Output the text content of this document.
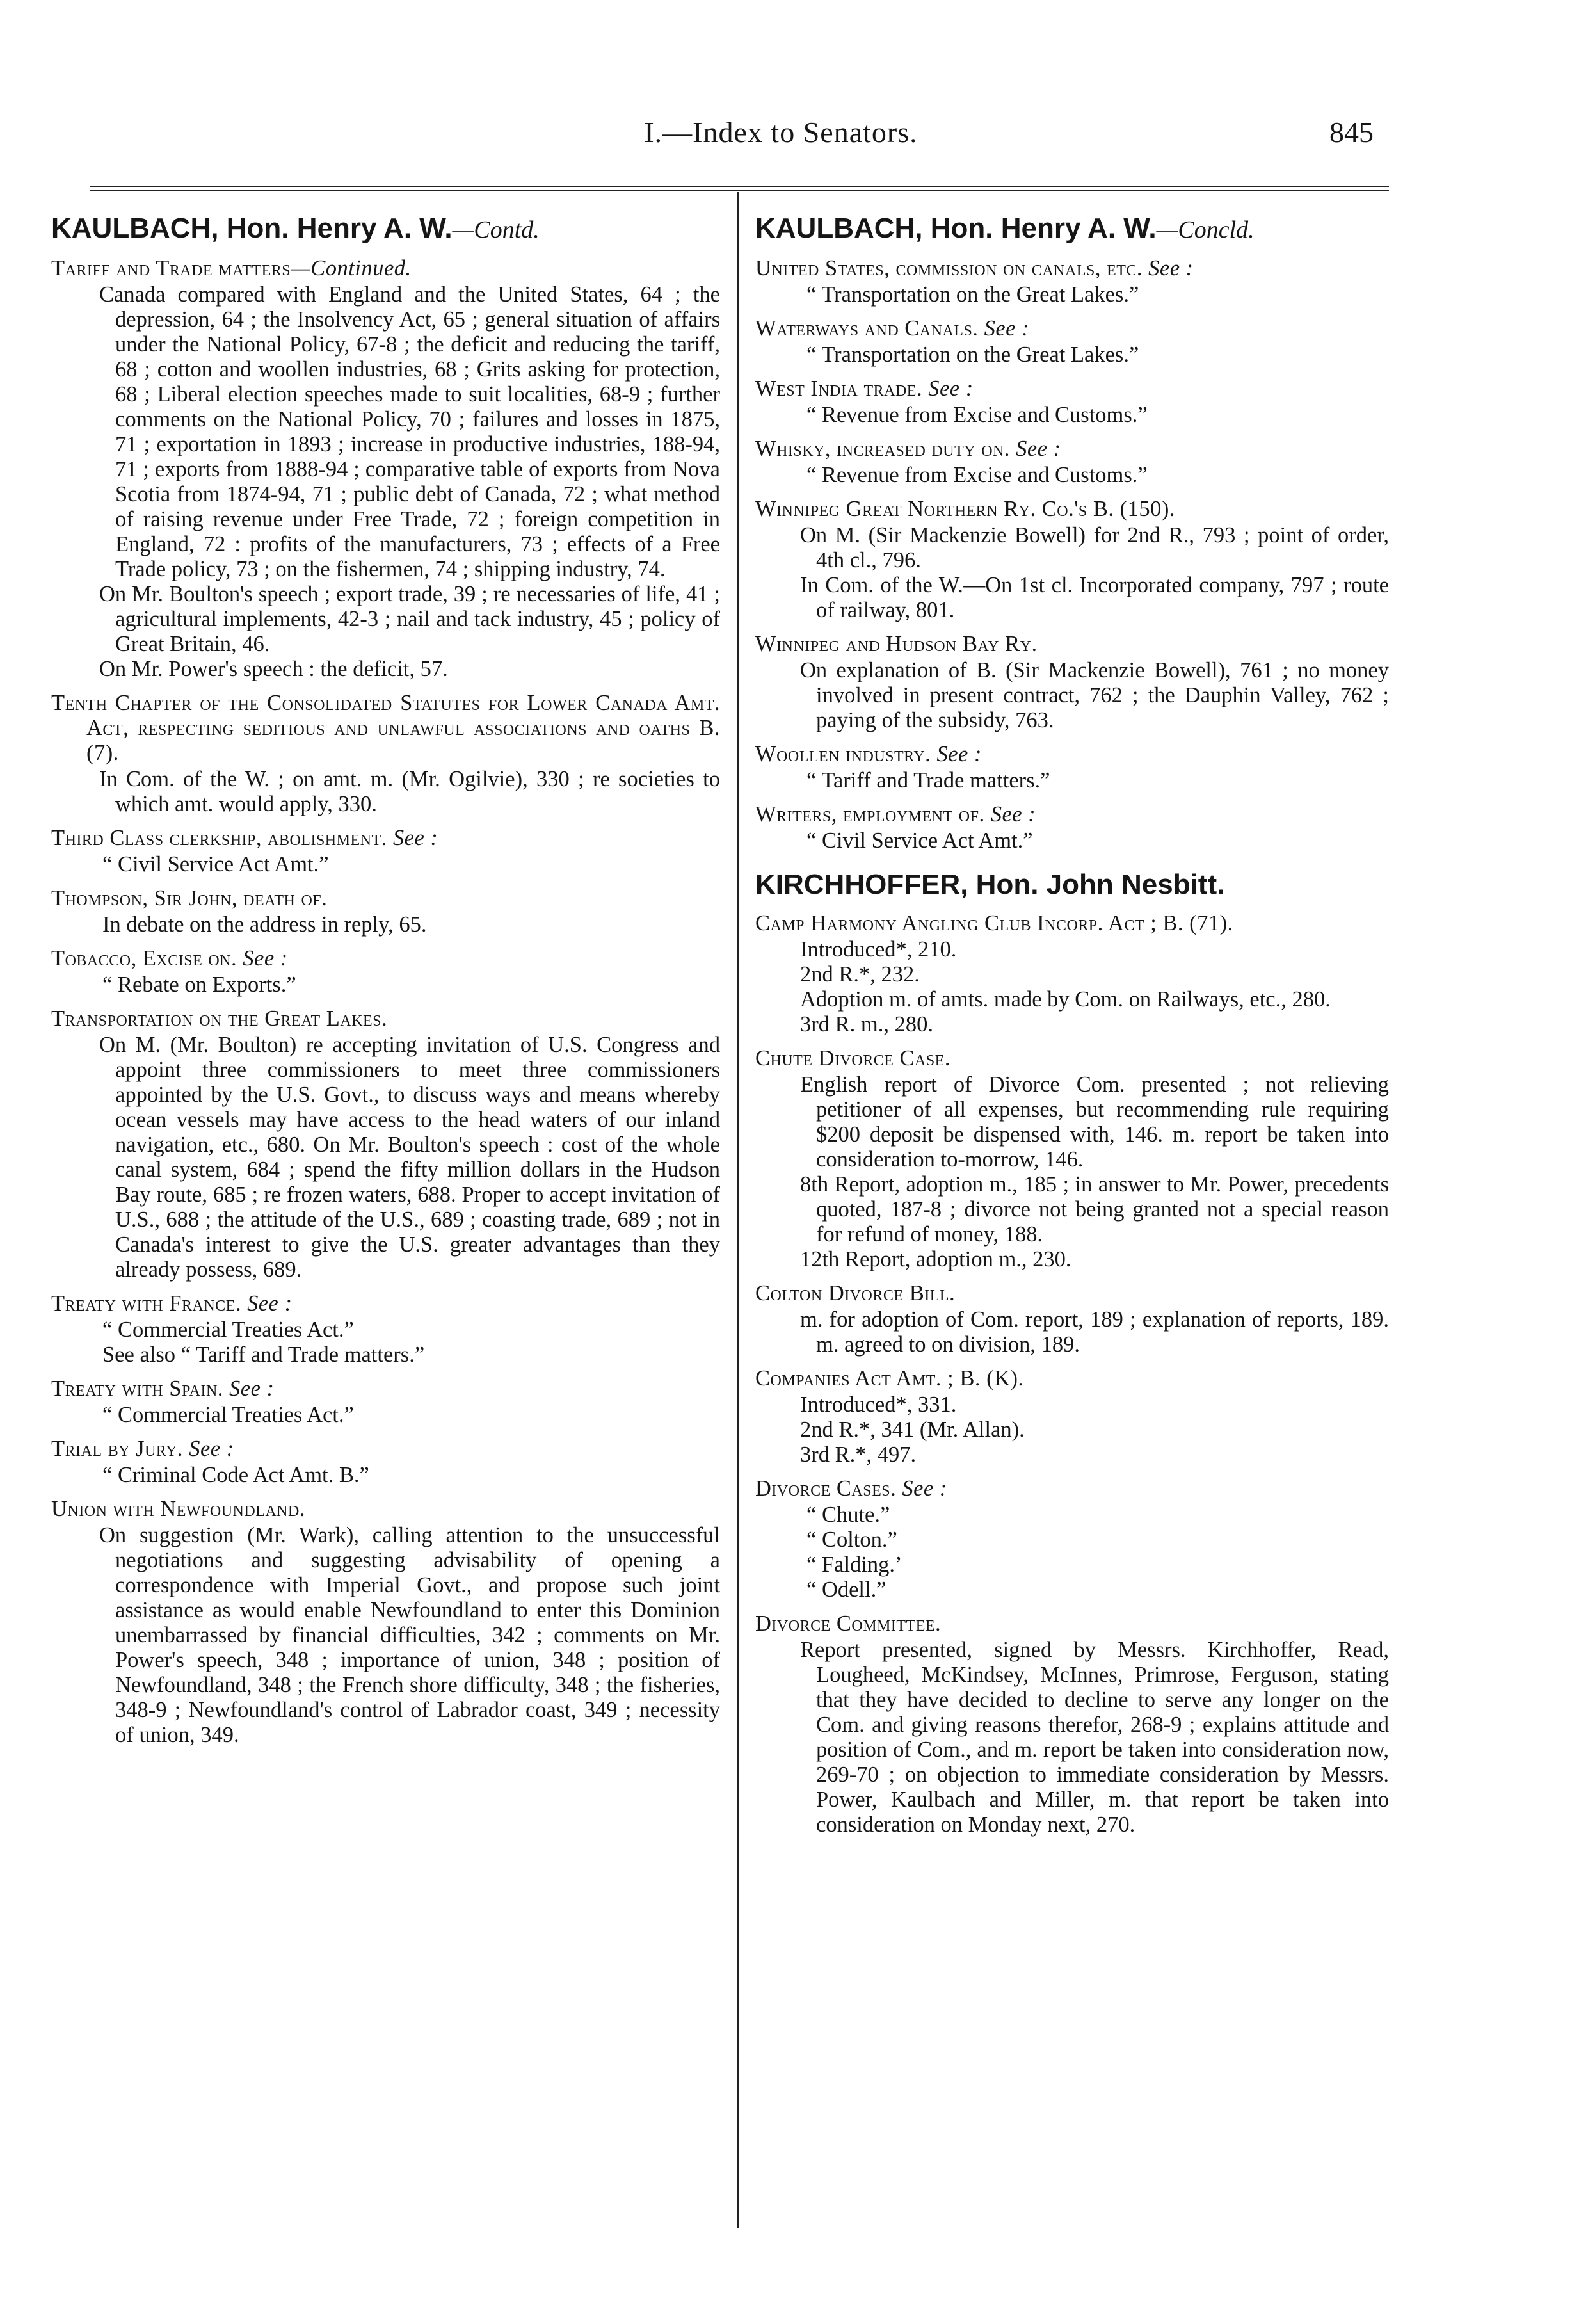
I.—Index to Senators.	845
KAULBACH, Hon. Henry A. W.—Contd.
Tariff and Trade matters—Continued.
Canada compared with England and the United States, 64 ; the depression, 64 ; the Insolvency Act, 65 ; general situation of affairs under the National Policy, 67-8 ; the deficit and reducing the tariff, 68 ; cotton and woollen industries, 68 ; Grits asking for protection, 68 ; Liberal election speeches made to suit localities, 68-9 ; further comments on the National Policy, 70 ; failures and losses in 1875, 71 ; exportation in 1893 ; increase in productive industries, 188-94, 71 ; exports from 1888-94 ; comparative table of exports from Nova Scotia from 1874-94, 71 ; public debt of Canada, 72 ; what method of raising revenue under Free Trade, 72 ; foreign competition in England, 72 : profits of the manufacturers, 73 ; effects of a Free Trade policy, 73 ; on the fishermen, 74 ; shipping industry, 74.
On Mr. Boulton's speech ; export trade, 39 ; re necessaries of life, 41 ; agricultural implements, 42-3 ; nail and tack industry, 45 ; policy of Great Britain, 46.
On Mr. Power's speech : the deficit, 57.
Tenth Chapter of the Consolidated Statutes for Lower Canada Amt. Act, respecting seditious and unlawful associations and oaths B. (7).
In Com. of the W. ; on amt. m. (Mr. Ogilvie), 330 ; re societies to which amt. would apply, 330.
Third Class clerkship, abolishment. See :
“ Civil Service Act Amt.”
Thompson, Sir John, death of.
In debate on the address in reply, 65.
Tobacco, Excise on. See :
“ Rebate on Exports.”
Transportation on the Great Lakes.
On M. (Mr. Boulton) re accepting invitation of U.S. Congress and appoint three commissioners to meet three commissioners appointed by the U.S. Govt., to discuss ways and means whereby ocean vessels may have access to the head waters of our inland navigation, etc., 680. On Mr. Boulton's speech : cost of the whole canal system, 684 ; spend the fifty million dollars in the Hudson Bay route, 685 ; re frozen waters, 688. Proper to accept invitation of U.S., 688 ; the attitude of the U.S., 689 ; coasting trade, 689 ; not in Canada's interest to give the U.S. greater advantages than they already possess, 689.
Treaty with France. See :
“ Commercial Treaties Act.”
See also “ Tariff and Trade matters.”
Treaty with Spain. See :
“ Commercial Treaties Act.”
Trial by Jury. See :
“ Criminal Code Act Amt. B.”
Union with Newfoundland.
On suggestion (Mr. Wark), calling attention to the unsuccessful negotiations and suggesting advisability of opening a correspondence with Imperial Govt., and propose such joint assistance as would enable Newfoundland to enter this Dominion unembarrassed by financial difficulties, 342 ; comments on Mr. Power's speech, 348 ; importance of union, 348 ; position of Newfoundland, 348 ; the French shore difficulty, 348 ; the fisheries, 348-9 ; Newfoundland's control of Labrador coast, 349 ; necessity of union, 349.
KAULBACH, Hon. Henry A. W.—Concld.
United States, commission on canals, etc. See :
“ Transportation on the Great Lakes.”
Waterways and Canals. See :
“ Transportation on the Great Lakes.”
West India trade. See :
“ Revenue from Excise and Customs.”
Whisky, increased duty on. See :
“ Revenue from Excise and Customs.”
Winnipeg Great Northern Ry. Co.'s B. (150).
On M. (Sir Mackenzie Bowell) for 2nd R., 793 ; point of order, 4th cl., 796.
In Com. of the W.—On 1st cl. Incorporated company, 797 ; route of railway, 801.
Winnipeg and Hudson Bay Ry.
On explanation of B. (Sir Mackenzie Bowell), 761 ; no money involved in present contract, 762 ; the Dauphin Valley, 762 ; paying of the subsidy, 763.
Woollen industry. See :
“ Tariff and Trade matters.”
Writers, employment of. See :
“ Civil Service Act Amt.”
KIRCHHOFFER, Hon. John Nesbitt.
Camp Harmony Angling Club Incorp. Act ; B. (71).
Introduced*, 210.
2nd R.*, 232.
Adoption m. of amts. made by Com. on Railways, etc., 280.
3rd R. m., 280.
Chute Divorce Case.
English report of Divorce Com. presented ; not relieving petitioner of all expenses, but recommending rule requiring $200 deposit be dispensed with, 146. m. report be taken into consideration to-morrow, 146.
8th Report, adoption m., 185 ; in answer to Mr. Power, precedents quoted, 187-8 ; divorce not being granted not a special reason for refund of money, 188.
12th Report, adoption m., 230.
Colton Divorce Bill.
m. for adoption of Com. report, 189 ; explanation of reports, 189. m. agreed to on division, 189.
Companies Act Amt. ; B. (K).
Introduced*, 331.
2nd R.*, 341 (Mr. Allan).
3rd R.*, 497.
Divorce Cases. See :
“ Chute.”
“ Colton.”
“ Falding.’
“ Odell.”
Divorce Committee.
Report presented, signed by Messrs. Kirchhoffer, Read, Lougheed, McKindsey, McInnes, Primrose, Ferguson, stating that they have decided to decline to serve any longer on the Com. and giving reasons therefor, 268-9 ; explains attitude and position of Com., and m. report be taken into consideration now, 269-70 ; on objection to immediate consideration by Messrs. Power, Kaulbach and Miller, m. that report be taken into consideration on Monday next, 270.
